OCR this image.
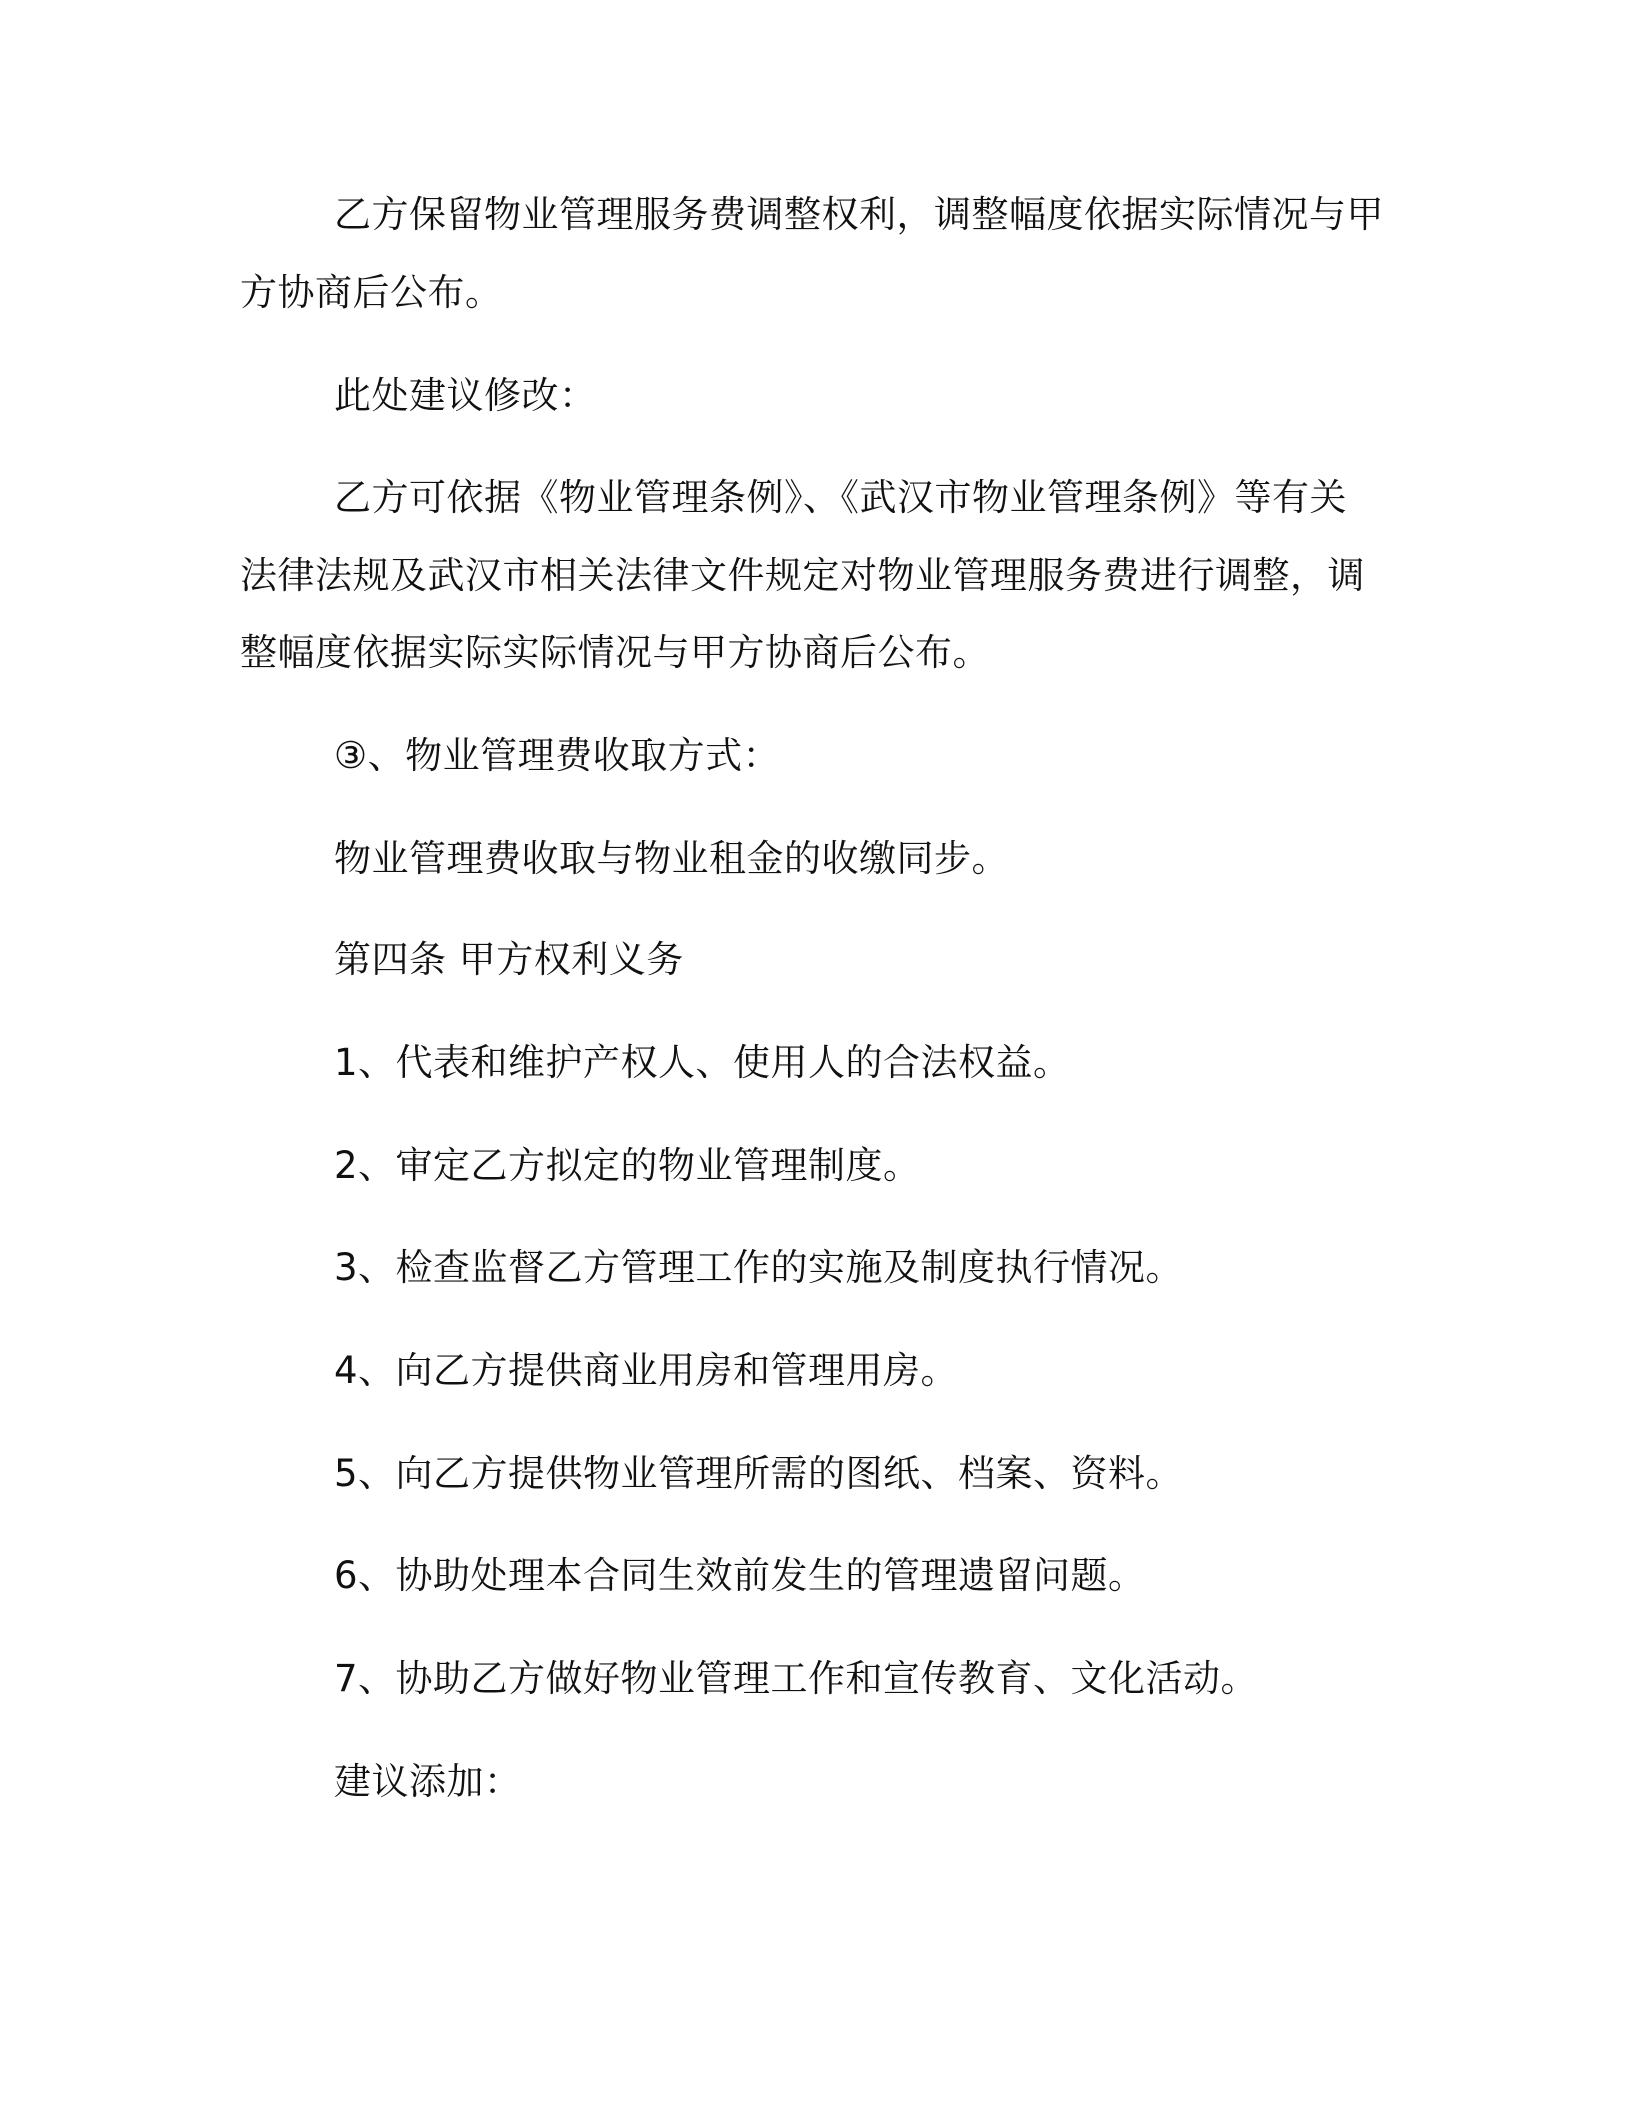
乙方保留物业管理服务费调整权利，调整幅度依据实际情况与甲
方协商后公布。
此处建议修改：
乙方可依据《物业管理条例》、《武汉市物业管理条例》等有关
法律法规及武汉市相关法律文件规定对物业管理服务费进行调整，调
整幅度依据实际实际情况与甲方协商后公布。
③、物业管理费收取方式：
物业管理费收取与物业租金的收缴同步。
第四条 甲方权利义务
1、代表和维护产权人、使用人的合法权益。
2、审定乙方拟定的物业管理制度。
3、检查监督乙方管理工作的实施及制度执行情况。
4、向乙方提供商业用房和管理用房。
5、向乙方提供物业管理所需的图纸、档案、资料。
6、协助处理本合同生效前发生的管理遗留问题。
7、协助乙方做好物业管理工作和宣传教育、文化活动。
建议添加：
